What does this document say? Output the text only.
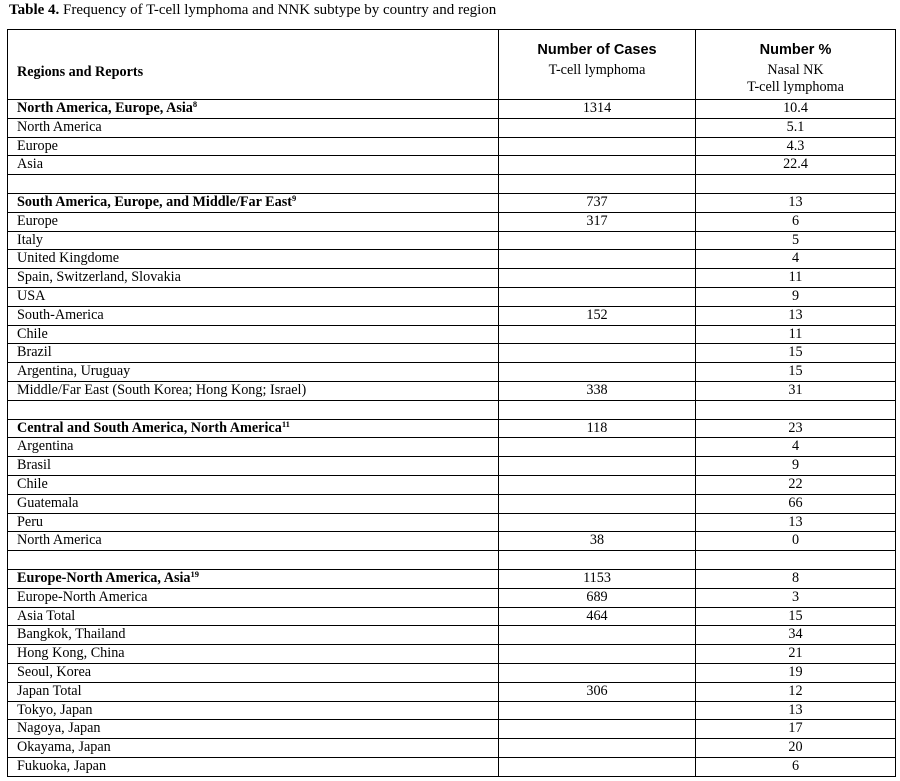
Table 4. Frequency of T-cell lymphoma and NNK subtype by country and region
	Number of Cases	Number %
Regions and Reports	T-cell lymphoma	Nasal NK
T-cell lymphoma

North America, Europe, Asia$^8$	1314	10.4
North America		5.1
Europe		4.3
Asia		22.4

South America, Europe, and Middle/Far East$^9$	737	13
Europe	317	6
Italy		5
United Kingdome		4
Spain, Switzerland, Slovakia		11
USA		9
South-America	152	13
Chile		11
Brazil		15
Argentina, Uruguay		15
Middle/Far East (South Korea; Hong Kong; Israel)	338	31

Central and South America, North America$^{11}$	118	23
Argentina		4
Brasil		9
Chile		22
Guatemala		66
Peru		13
North America	38	0

Europe-North America, Asia$^{19}$	1153	8
Europe-North America	689	3
Asia Total	464	15
Bangkok, Thailand		34
Hong Kong, China		21
Seoul, Korea		19
Japan Total	306	12
Tokyo, Japan		13
Nagoya, Japan		17
Okayama, Japan		20
Fukuoka, Japan		6
